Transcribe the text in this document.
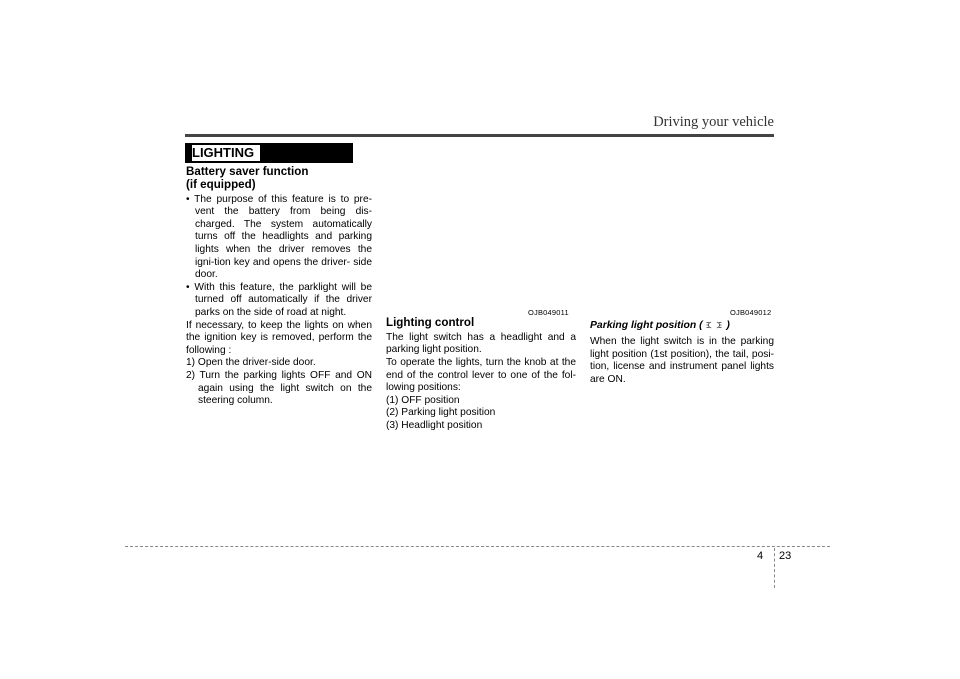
Driving your vehicle
LIGHTING
Battery saver function
(if equipped)

• The purpose of this feature is to pre-vent the battery from being dis-charged. The system automatically turns off the headlights and parking lights when the driver removes the igni-tion key and opens the driver- side door.

• With this feature, the parklight will be turned off automatically if the driver parks on the side of road at night.

If necessary, to keep the lights on when the ignition key is removed, perform the following :

1) Open the driver-side door.

2) Turn the parking lights OFF and ON again using the light switch on the steering column.

OJB049011	OJB049012
Lighting control

The light switch has a headlight and a parking light position.

To operate the lights, turn the knob at the end of the control lever to one of the fol-lowing positions:

(1) OFF position

(2) Parking light position

(3) Headlight position

Parking light position ( )

When the light switch is in the parking light position (1st position), the tail, posi-tion, license and instrument panel lights are ON.

4 23
